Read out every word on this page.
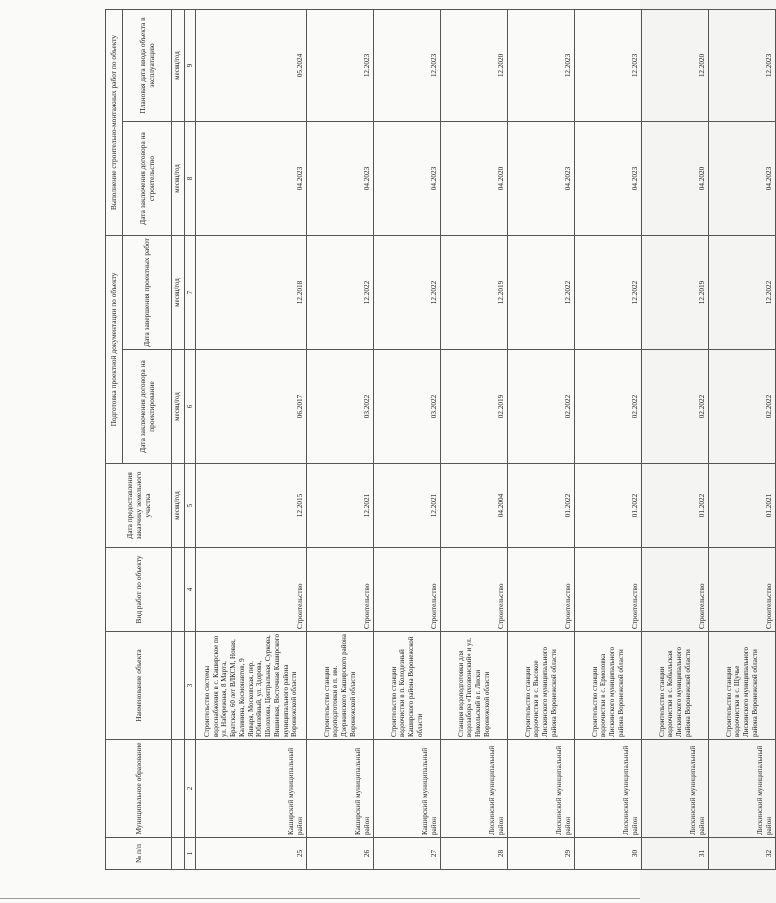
№ п/п	Муниципальное образование	Наименование объекта	Вид работ по объекту	Дата предоставления заказчику земельного участка	Подготовка проектной документации по объекту		Выполнение строительно-монтажных работ по объекту	
					Дата заключения договора на проектирование	Дата завершения проектных работ	Дата заключения договора на строительство	Плановая дата ввода объекта в эксплуатацию
				месяц/год	месяц/год	месяц/год	месяц/год	месяц/год
1	2	3	4	5	6	7	8	9
25	Каширский муниципальный район	Строительство системы водоснабжения в с. Каширское по ул. Набережная, 8 Марта, Братская, 60 лет ВЛКСМ, Новая, Калинина, Космонавтов, 9 Января, Московская, пер. Юбилейный, ул. Здорова, Шолохова, Центральная, Суркова, Вишневая, Восточная Каширского муниципального района Воронежской области	Строительство	12.2015	06.2017	12.2018	04.2023	05.2024
26	Каширский муниципальный район	Строительство станции водоподготовки в п. им. Дзержинского Каширского района Воронежской области	Строительство	12.2021	03.2022	12.2022	04.2023	12.2023
27	Каширский муниципальный район	Строительство станции водоочистки в п. Колодезный Каширского района Воронежской области	Строительство	12.2021	03.2022	12.2022	04.2023	12.2023
28	Лискинский муниципальный район	Станция водоподготовки для водозабора «Тихозвонский» и ул. Никольский в г. Лиски Воронежской области	Строительство	04.2004	02.2019	12.2019	04.2020	12.2020
29	Лискинский муниципальный район	Строительство станции водоочистки в с. Высокое Лискинского муниципального района Воронежской области	Строительство	01.2022	02.2022	12.2022	04.2023	12.2023
30	Лискинский муниципальный район	Строительство станции водоочистки в с. Ермоловка Лискинского муниципального района Воронежской области	Строительство	01.2022	02.2022	12.2022	04.2023	12.2023
31	Лискинский муниципальный район	Строительство станции водоочистки в с. Кобыльская Лискинского муниципального района Воронежской области	Строительство	01.2022	02.2022	12.2019	04.2020	12.2020
32	Лискинский муниципальный район	Строительство станции водоочистки в с. Щучье Лискинского муниципального района Воронежской области	Строительство	01.2021	02.2022	12.2022	04.2023	12.2023
